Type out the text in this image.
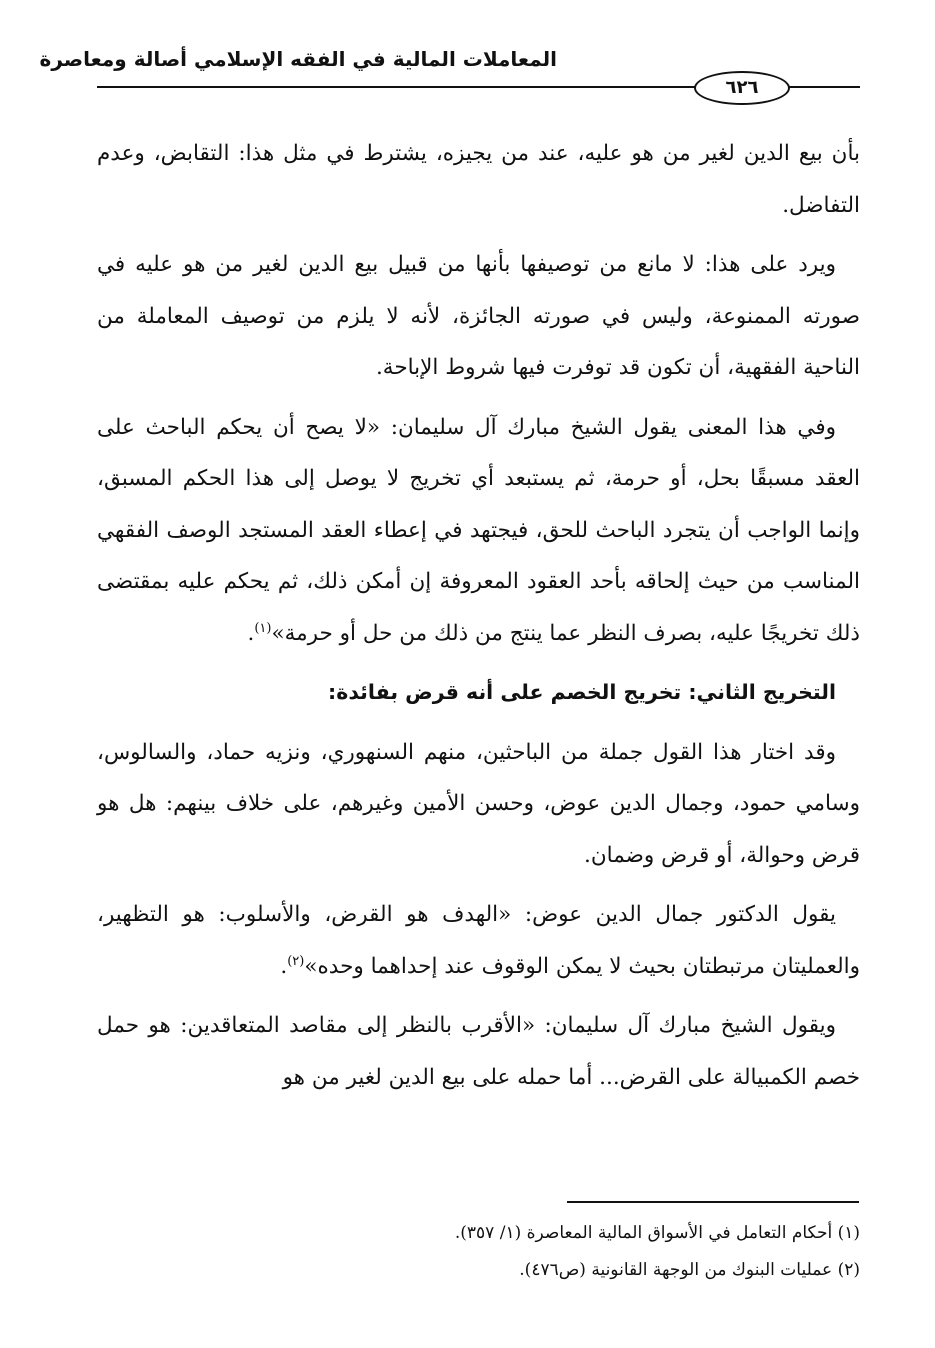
المعاملات المالية في الفقه الإسلامي أصالة ومعاصرة
٦٢٦

بأن بيع الدين لغير من هو عليه، عند من يجيزه، يشترط في مثل هذا: التقابض، وعدم التفاضل.

ويرد على هذا: لا مانع من توصيفها بأنها من قبيل بيع الدين لغير من هو عليه في صورته الممنوعة، وليس في صورته الجائزة، لأنه لا يلزم من توصيف المعاملة من الناحية الفقهية، أن تكون قد توفرت فيها شروط الإباحة.

وفي هذا المعنى يقول الشيخ مبارك آل سليمان: «لا يصح أن يحكم الباحث على العقد مسبقًا بحل، أو حرمة، ثم يستبعد أي تخريج لا يوصل إلى هذا الحكم المسبق، وإنما الواجب أن يتجرد الباحث للحق، فيجتهد في إعطاء العقد المستجد الوصف الفقهي المناسب من حيث إلحاقه بأحد العقود المعروفة إن أمكن ذلك، ثم يحكم عليه بمقتضى ذلك تخريجًا عليه، بصرف النظر عما ينتج من ذلك من حل أو حرمة»$^{(١)}$.

التخريج الثاني: تخريج الخصم على أنه قرض بفائدة:

وقد اختار هذا القول جملة من الباحثين، منهم السنهوري، ونزيه حماد، والسالوس، وسامي حمود، وجمال الدين عوض، وحسن الأمين وغيرهم، على خلاف بينهم: هل هو قرض وحوالة، أو قرض وضمان.

يقول الدكتور جمال الدين عوض: «الهدف هو القرض، والأسلوب: هو التظهير، والعمليتان مرتبطتان بحيث لا يمكن الوقوف عند إحداهما وحده»$^{(٢)}$.

ويقول الشيخ مبارك آل سليمان: «الأقرب بالنظر إلى مقاصد المتعاقدين: هو حمل خصم الكمبيالة على القرض... أما حمله على بيع الدين لغير من هو

(١) أحكام التعامل في الأسواق المالية المعاصرة (١/ ٣٥٧).
(٢) عمليات البنوك من الوجهة القانونية (ص٤٧٦).
